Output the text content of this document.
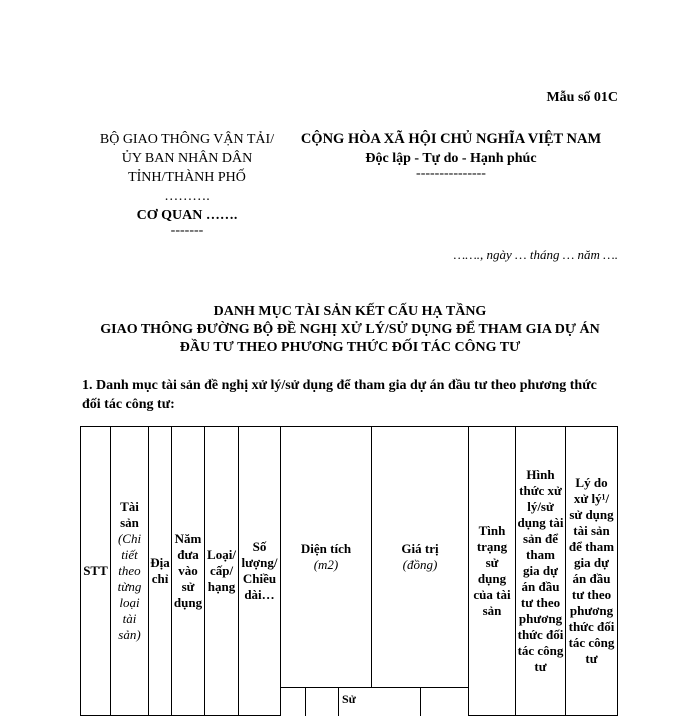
Mẫu số 01C
BỘ GIAO THÔNG VẬN TẢI/
ỦY BAN NHÂN DÂN
TỈNH/THÀNH PHỐ
……….
CƠ QUAN …….
-------
CỘNG HÒA XÃ HỘI CHỦ NGHĨA VIỆT NAM
Độc lập - Tự do - Hạnh phúc
---------------
……., ngày … tháng … năm ….
DANH MỤC TÀI SẢN KẾT CẤU HẠ TẦNG
GIAO THÔNG ĐƯỜNG BỘ ĐỀ NGHỊ XỬ LÝ/SỬ DỤNG ĐỂ THAM GIA DỰ ÁN
ĐẦU TƯ THEO PHƯƠNG THỨC ĐỐI TÁC CÔNG TƯ
1. Danh mục tài sản đề nghị xử lý/sử dụng để tham gia dự án đầu tư theo phương thức đối tác công tư:
STT
Tài sản
(Chi tiết theo từng loại tài sản)
Địa chỉ
Năm đưa vào sử dụng
Loại/ cấp/ hạng
Số lượng/ Chiều dài…
Diện tích
(m2)
Giá trị
(đồng)
Tình trạng sử dụng của tài sản
Hình thức xử lý/sử dụng tài sản để tham gia dự án đầu tư theo phương thức đối tác công tư
Lý do xử lý¹/ sử dụng tài sản để tham gia dự án đầu tư theo phương thức đối tác công tư
Sử
